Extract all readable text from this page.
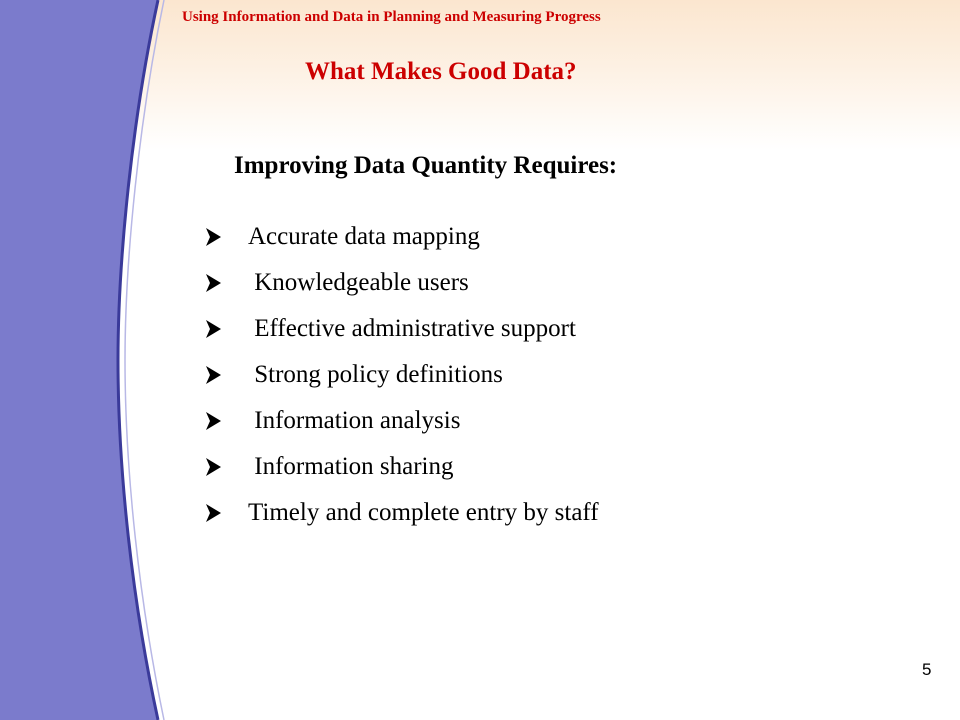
Using Information and Data in Planning and Measuring Progress
What Makes Good Data?
Improving Data Quantity Requires:
Accurate data mapping
Knowledgeable users
Effective administrative support
Strong policy definitions
Information analysis
Information sharing
Timely and complete entry by staff
5
